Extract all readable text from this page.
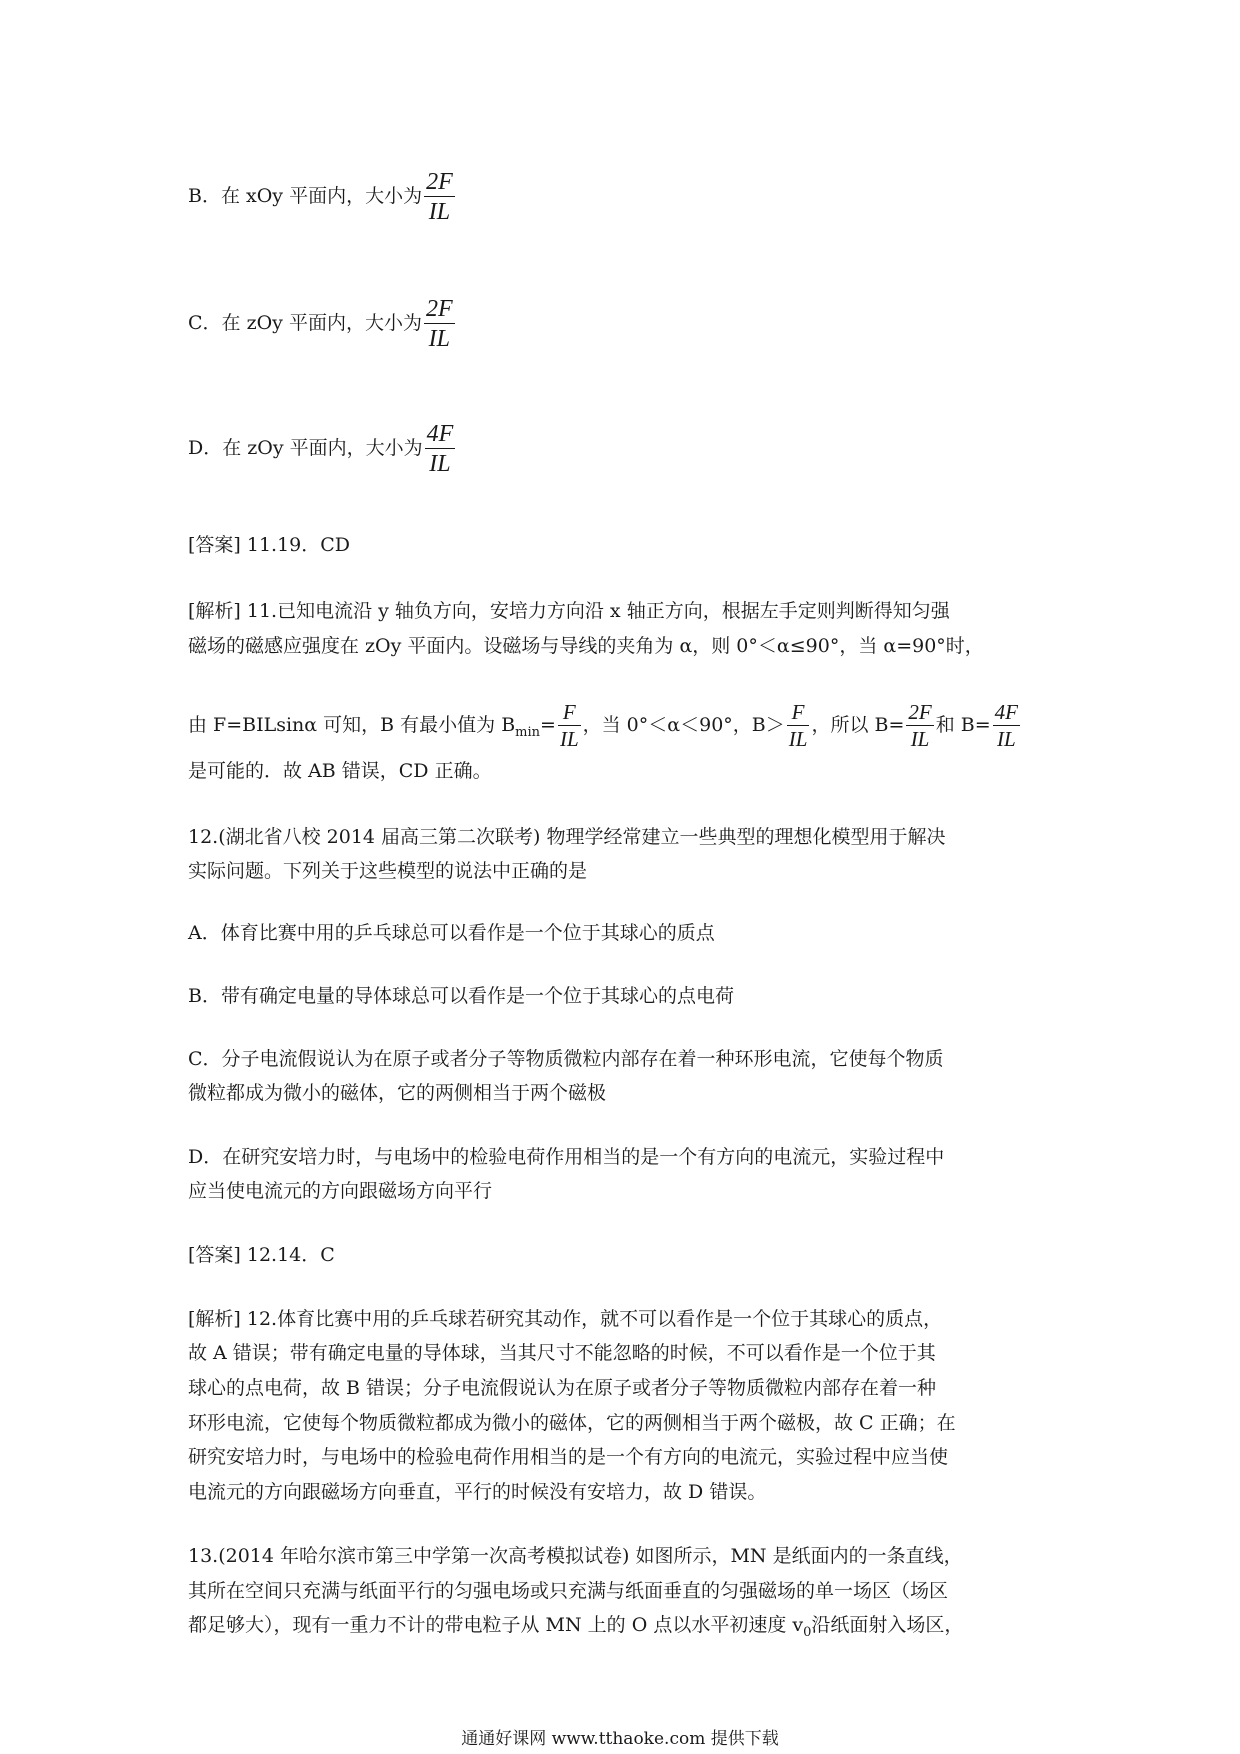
B．在 xOy 平面内，大小为 $\frac{2F}{IL}$
C．在 zOy 平面内，大小为 $\frac{2F}{IL}$
D．在 zOy 平面内，大小为 $\frac{4F}{IL}$
[答案] 11.19．CD
[解析] 11.已知电流沿 y 轴负方向，安培力方向沿 x 轴正方向，根据左手定则判断得知匀强
磁场的磁感应强度在 zOy 平面内。设磁场与导线的夹角为 α，则 0°＜α≤90°，当 α=90°时，
由 F=BILsinα 可知，B 有最小值为 $B_{min}= \frac{F}{IL}$ ，当 0°＜α＜90°，$B> \frac{F}{IL}$ ，所以 $B= \frac{2F}{IL}$ 和 $B= \frac{4F}{IL}$
是可能的．故 AB 错误，CD 正确。
12.(湖北省八校 2014 届高三第二次联考) 物理学经常建立一些典型的理想化模型用于解决
实际问题。下列关于这些模型的说法中正确的是
A．体育比赛中用的乒乓球总可以看作是一个位于其球心的质点
B．带有确定电量的导体球总可以看作是一个位于其球心的点电荷
C．分子电流假说认为在原子或者分子等物质微粒内部存在着一种环形电流，它使每个物质
微粒都成为微小的磁体，它的两侧相当于两个磁极
D．在研究安培力时，与电场中的检验电荷作用相当的是一个有方向的电流元，实验过程中
应当使电流元的方向跟磁场方向平行
[答案] 12.14．C
[解析] 12.体育比赛中用的乒乓球若研究其动作，就不可以看作是一个位于其球心的质点，
故 A 错误；带有确定电量的导体球，当其尺寸不能忽略的时候，不可以看作是一个位于其
球心的点电荷，故 B 错误；分子电流假说认为在原子或者分子等物质微粒内部存在着一种
环形电流，它使每个物质微粒都成为微小的磁体，它的两侧相当于两个磁极，故 C 正确；在
研究安培力时，与电场中的检验电荷作用相当的是一个有方向的电流元，实验过程中应当使
电流元的方向跟磁场方向垂直，平行的时候没有安培力，故 D 错误。
13.(2014 年哈尔滨市第三中学第一次高考模拟试卷) 如图所示，MN 是纸面内的一条直线，
其所在空间只充满与纸面平行的匀强电场或只充满与纸面垂直的匀强磁场的单一场区（场区
都足够大），现有一重力不计的带电粒子从 MN 上的 O 点以水平初速度 $v_0$沿纸面射入场区，
通通好课网 www.tthaoke.com 提供下载
